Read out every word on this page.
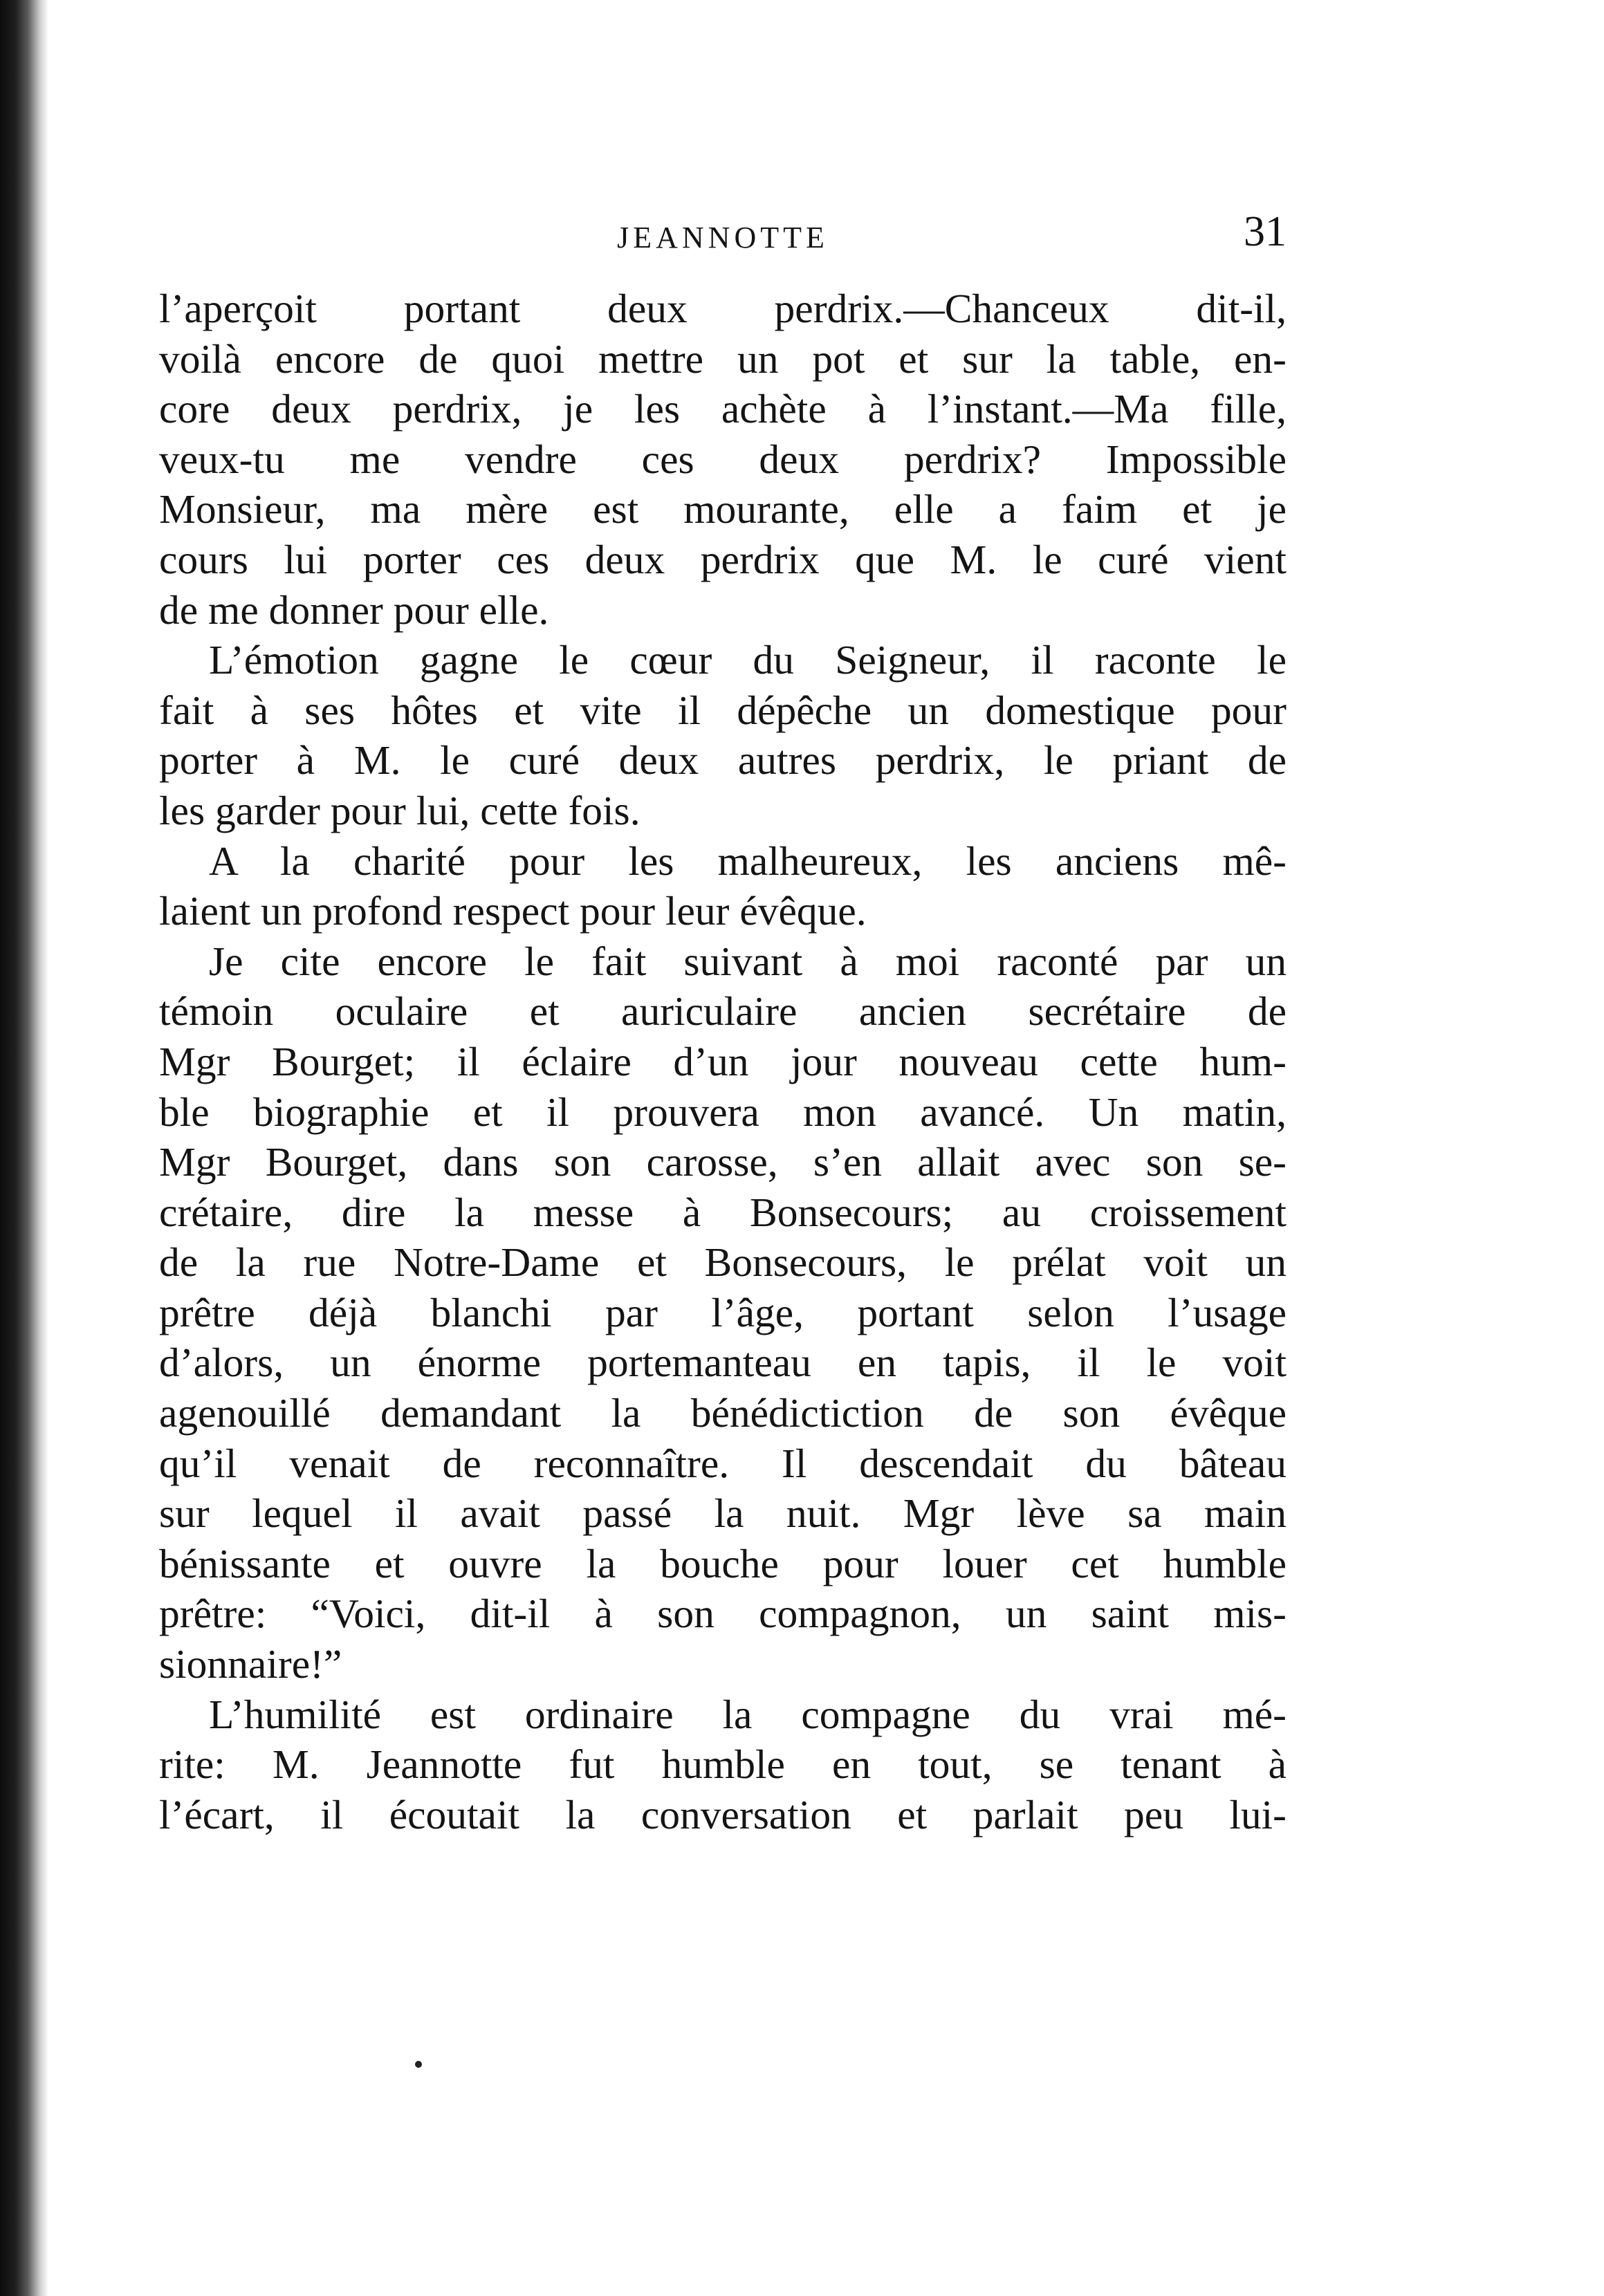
JEANNOTTE	31

l’aperçoit portant deux perdrix.—Chanceux dit-il,

voilà encore de quoi mettre un pot et sur la table, en-

core deux perdrix, je les achète à l’instant.—Ma fille,

veux-tu me vendre ces deux perdrix? Impossible

Monsieur, ma mère est mourante, elle a faim et je

cours lui porter ces deux perdrix que M. le curé vient

de me donner pour elle.

L’émotion gagne le cœur du Seigneur, il raconte le

fait à ses hôtes et vite il dépêche un domestique pour

porter à M. le curé deux autres perdrix, le priant de

les garder pour lui, cette fois.

A la charité pour les malheureux, les anciens mê-

laient un profond respect pour leur évêque.

Je cite encore le fait suivant à moi raconté par un

témoin oculaire et auriculaire ancien secrétaire de

Mgr Bourget; il éclaire d’un jour nouveau cette hum-

ble biographie et il prouvera mon avancé. Un matin,

Mgr Bourget, dans son carosse, s’en allait avec son se-

crétaire, dire la messe à Bonsecours; au croissement

de la rue Notre-Dame et Bonsecours, le prélat voit un

prêtre déjà blanchi par l’âge, portant selon l’usage

d’alors, un énorme portemanteau en tapis, il le voit

agenouillé demandant la bénédictiction de son évêque

qu’il venait de reconnaître. Il descendait du bâteau

sur lequel il avait passé la nuit. Mgr lève sa main

bénissante et ouvre la bouche pour louer cet humble

prêtre: “Voici, dit-il à son compagnon, un saint mis-

sionnaire!”

L’humilité est ordinaire la compagne du vrai mé-

rite: M. Jeannotte fut humble en tout, se tenant à

l’écart, il écoutait la conversation et parlait peu lui-
